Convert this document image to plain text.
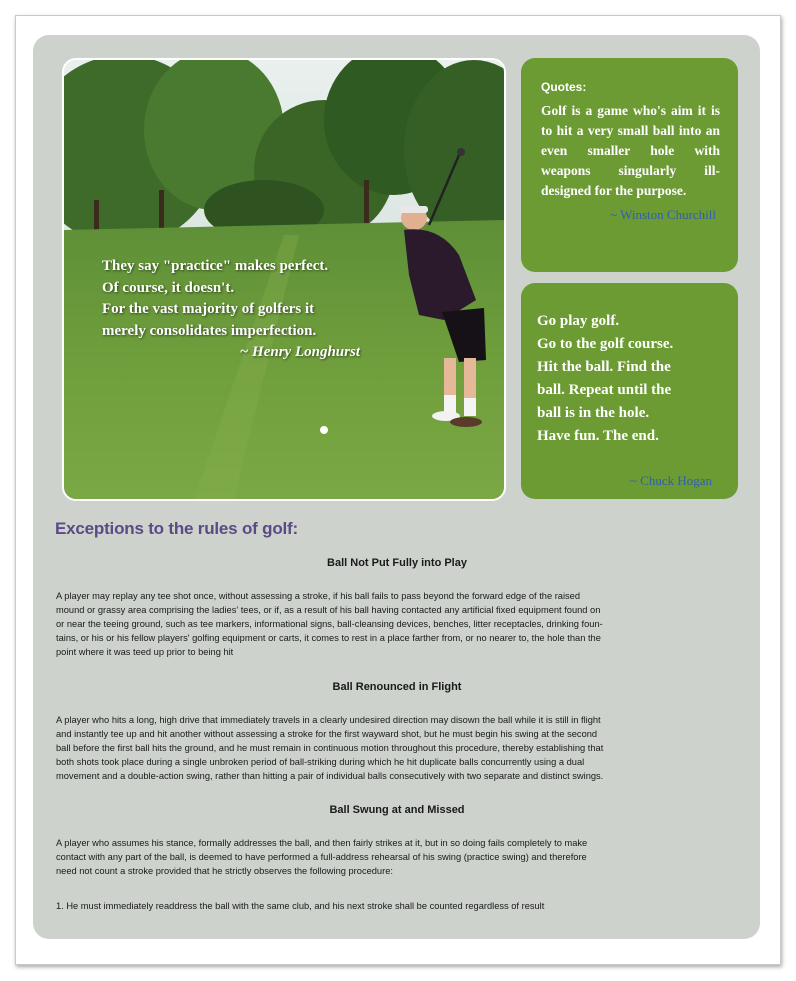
They say "practice" makes perfect.
Of course, it doesn't.
For the vast majority of golfers it
merely consolidates imperfection.
~ Henry Longhurst
Quotes:
Golf is a game who's aim it is to hit a very small ball into an even smaller hole with weapons singularly ill-designed for the purpose.
~ Winston Churchill
Go play golf.
Go to the golf course.
Hit the ball. Find the
ball. Repeat until the
ball is in the hole.
Have fun. The end.
~ Chuck Hogan
Exceptions to the rules of golf:
Ball Not Put Fully into Play
A player may replay any tee shot once, without assessing a stroke, if his ball fails to pass beyond the forward edge of the raised
mound or grassy area comprising the ladies' tees, or if, as a result of his ball having contacted any artificial fixed equipment found on
or near the teeing ground, such as tee markers, informational signs, ball-cleansing devices, benches, litter receptacles, drinking foun-
tains, or his or his fellow players' golfing equipment or carts, it comes to rest in a place farther from, or no nearer to, the hole than the
point where it was teed up prior to being hit
Ball Renounced in Flight
A player who hits a long, high drive that immediately travels in a clearly undesired direction may disown the ball while it is still in flight
and instantly tee up and hit another without assessing a stroke for the first wayward shot, but he must begin his swing at the second
ball before the first ball hits the ground, and he must remain in continuous motion throughout this procedure, thereby establishing that
both shots took place during a single unbroken period of ball-striking during which he hit duplicate balls concurrently using a dual
movement and a double-action swing, rather than hitting a pair of individual balls consecutively with two separate and distinct swings.
Ball Swung at and Missed
A player who assumes his stance, formally addresses the ball, and then fairly strikes at it, but in so doing fails completely to make
contact with any part of the ball, is deemed to have performed a full-address rehearsal of his swing (practice swing) and therefore
need not count a stroke provided that he strictly observes the following procedure:
1. He must immediately readdress the ball with the same club, and his next stroke shall be counted regardless of result
